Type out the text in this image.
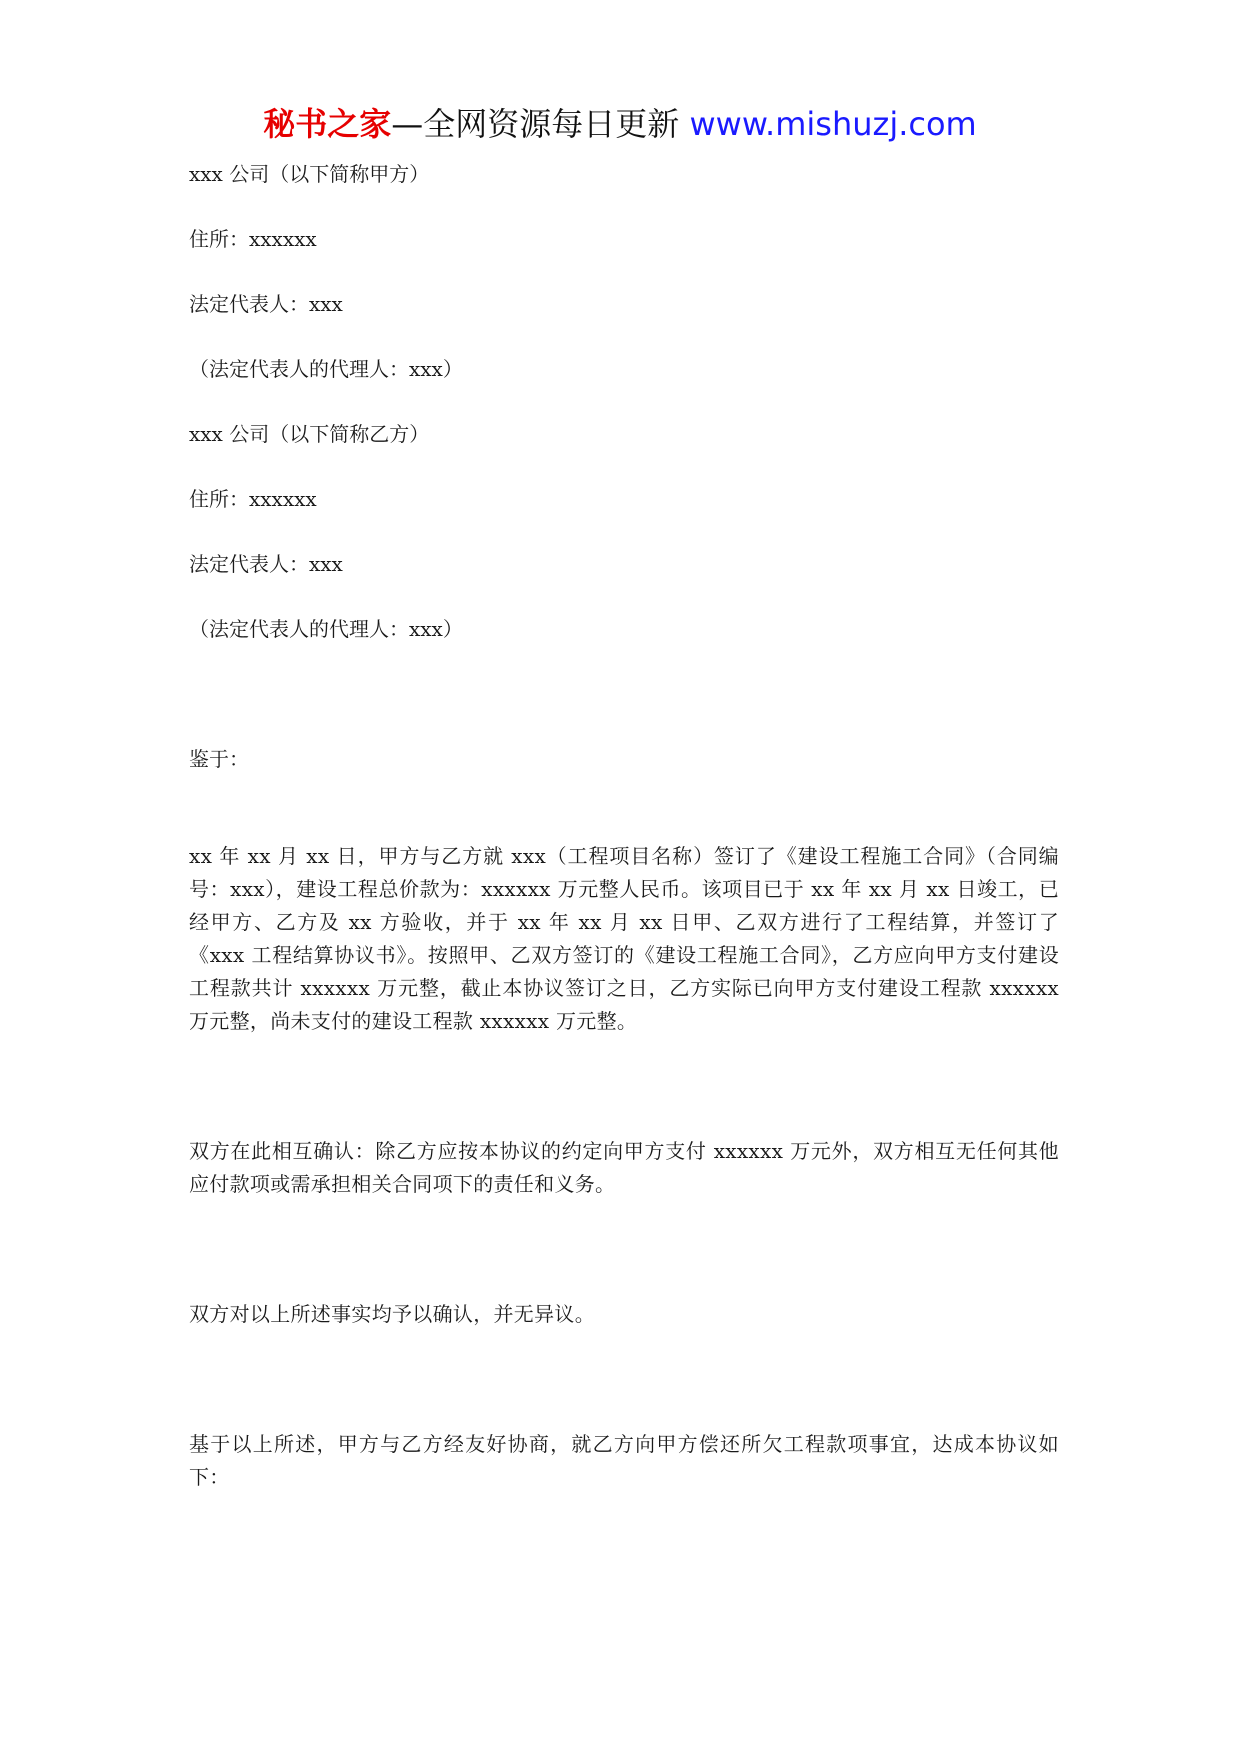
秘书之家—全网资源每日更新 www.mishuzj.com

xxx 公司（以下简称甲方）

住所：xxxxxx

法定代表人：xxx

（法定代表人的代理人：xxx）

xxx 公司（以下简称乙方）

住所：xxxxxx

法定代表人：xxx

（法定代表人的代理人：xxx）

鉴于：

xx 年 xx 月 xx 日，甲方与乙方就 xxx（工程项目名称）签订了《建设工程施工合同》（合同编号：xxx），建设工程总价款为：xxxxxx 万元整人民币。该项目已于 xx 年 xx 月 xx 日竣工，已经甲方、乙方及 xx 方验收，并于 xx 年 xx 月 xx 日甲、乙双方进行了工程结算，并签订了《xxx 工程结算协议书》。按照甲、乙双方签订的《建设工程施工合同》，乙方应向甲方支付建设工程款共计 xxxxxx 万元整，截止本协议签订之日，乙方实际已向甲方支付建设工程款 xxxxxx 万元整，尚未支付的建设工程款 xxxxxx 万元整。

双方在此相互确认：除乙方应按本协议的约定向甲方支付 xxxxxx 万元外，双方相互无任何其他应付款项或需承担相关合同项下的责任和义务。

双方对以上所述事实均予以确认，并无异议。

基于以上所述，甲方与乙方经友好协商，就乙方向甲方偿还所欠工程款项事宜，达成本协议如下：
